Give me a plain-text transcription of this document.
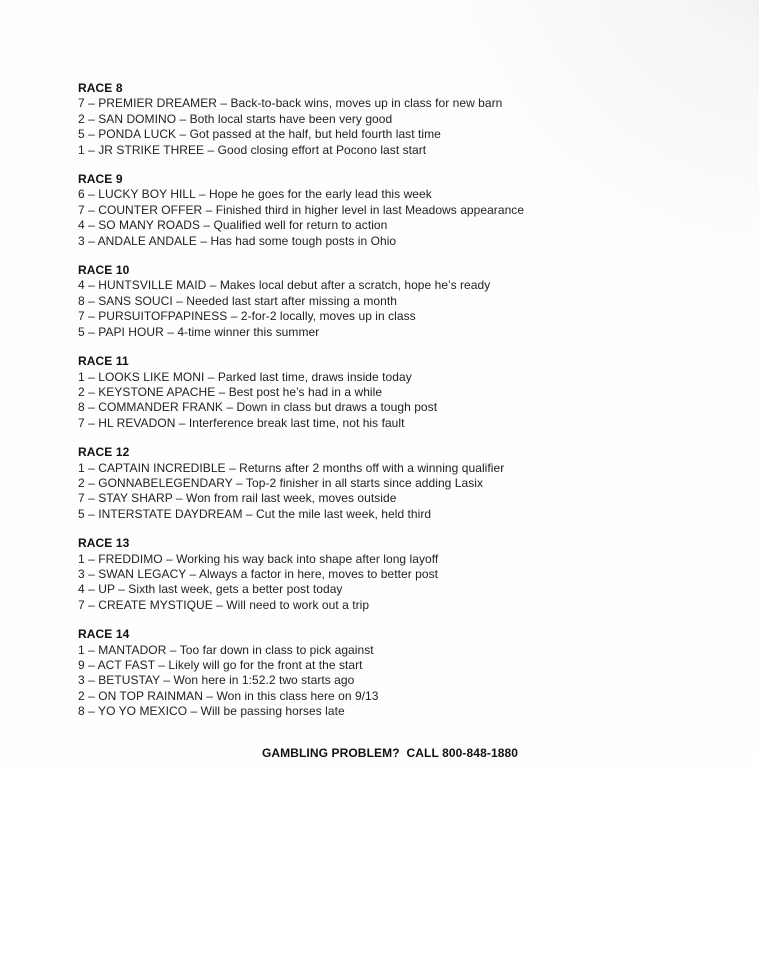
RACE 8
7 – PREMIER DREAMER – Back-to-back wins, moves up in class for new barn
2 – SAN DOMINO – Both local starts have been very good
5 – PONDA LUCK – Got passed at the half, but held fourth last time
1 – JR STRIKE THREE – Good closing effort at Pocono last start
RACE 9
6 – LUCKY BOY HILL – Hope he goes for the early lead this week
7 – COUNTER OFFER – Finished third in higher level in last Meadows appearance
4 – SO MANY ROADS – Qualified well for return to action
3 – ANDALE ANDALE – Has had some tough posts in Ohio
RACE 10
4 – HUNTSVILLE MAID – Makes local debut after a scratch, hope he’s ready
8 – SANS SOUCI – Needed last start after missing a month
7 – PURSUITOFPAPINESS – 2-for-2 locally, moves up in class
5 – PAPI HOUR – 4-time winner this summer
RACE 11
1 – LOOKS LIKE MONI – Parked last time, draws inside today
2 – KEYSTONE APACHE – Best post he’s had in a while
8 – COMMANDER FRANK – Down in class but draws a tough post
7 – HL REVADON – Interference break last time, not his fault
RACE 12
1 – CAPTAIN INCREDIBLE – Returns after 2 months off with a winning qualifier
2 – GONNABELEGENDARY – Top-2 finisher in all starts since adding Lasix
7 – STAY SHARP – Won from rail last week, moves outside
5 – INTERSTATE DAYDREAM – Cut the mile last week, held third
RACE 13
1 – FREDDIMO – Working his way back into shape after long layoff
3 – SWAN LEGACY – Always a factor in here, moves to better post
4 – UP – Sixth last week, gets a better post today
7 – CREATE MYSTIQUE – Will need to work out a trip
RACE 14
1 – MANTADOR – Too far down in class to pick against
9 – ACT FAST – Likely will go for the front at the start
3 – BETUSTAY – Won here in 1:52.2 two starts ago
2 – ON TOP RAINMAN – Won in this class here on 9/13
8 – YO YO MEXICO – Will be passing horses late
GAMBLING PROBLEM?  CALL 800-848-1880
